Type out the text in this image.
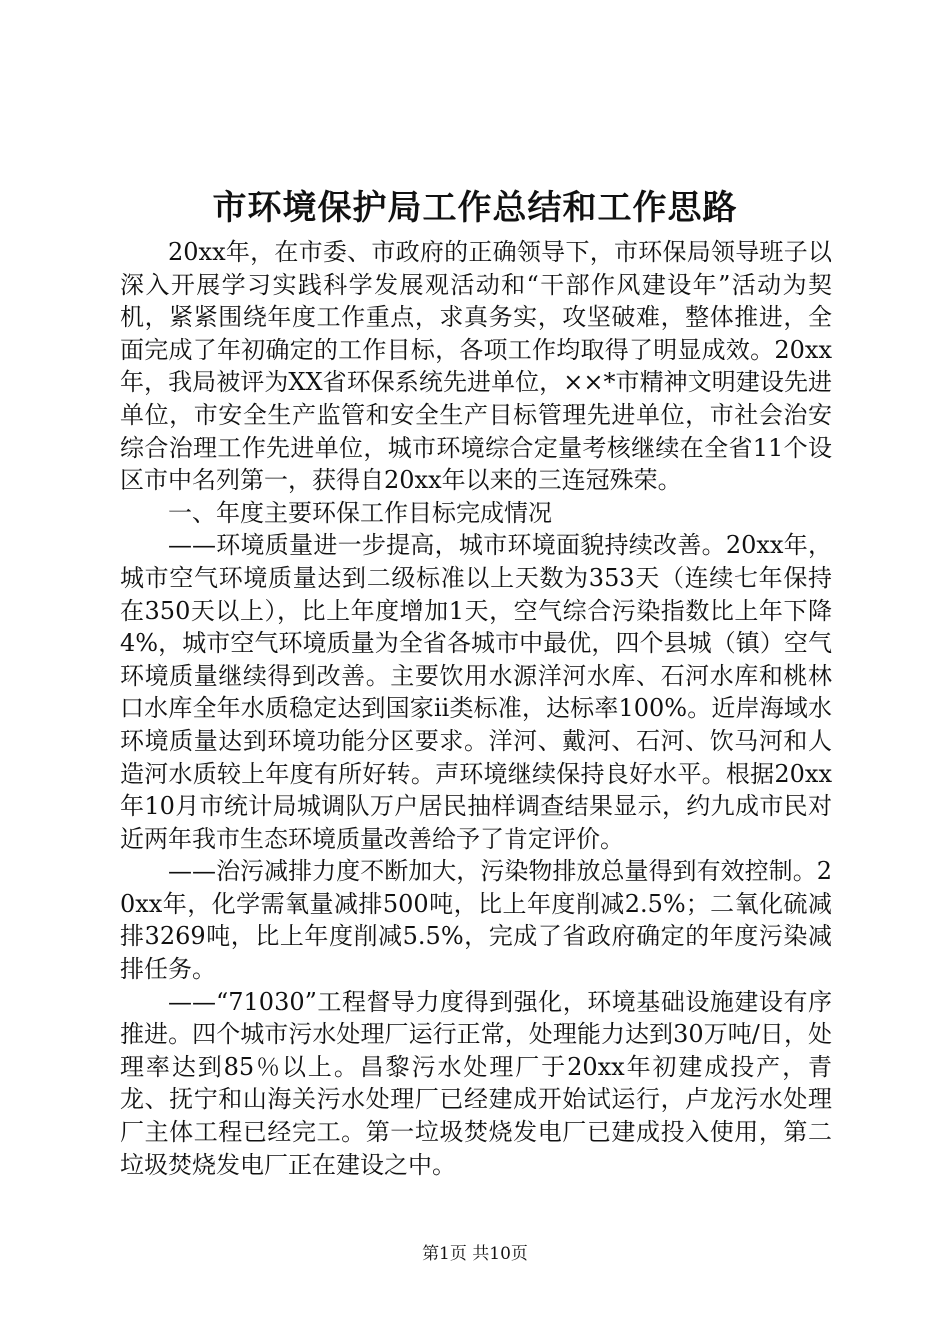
市环境保护局工作总结和工作思路

20xx年，在市委、市政府的正确领导下，市环保局领导班子以深入开展学习实践科学发展观活动和“干部作风建设年”活动为契机，紧紧围绕年度工作重点，求真务实，攻坚破难，整体推进，全面完成了年初确定的工作目标，各项工作均取得了明显成效。20xx年，我局被评为XX省环保系统先进单位，××*市精神文明建设先进单位，市安全生产监管和安全生产目标管理先进单位，市社会治安综合治理工作先进单位，城市环境综合定量考核继续在全省11个设区市中名列第一，获得自20xx年以来的三连冠殊荣。

一、年度主要环保工作目标完成情况

——环境质量进一步提高，城市环境面貌持续改善。20xx年，城市空气环境质量达到二级标准以上天数为353天（连续七年保持在350天以上），比上年度增加1天，空气综合污染指数比上年下降4%，城市空气环境质量为全省各城市中最优，四个县城（镇）空气环境质量继续得到改善。主要饮用水源洋河水库、石河水库和桃林口水库全年水质稳定达到国家ii类标准，达标率100%。近岸海域水环境质量达到环境功能分区要求。洋河、戴河、石河、饮马河和人造河水质较上年度有所好转。声环境继续保持良好水平。根据20xx年10月市统计局城调队万户居民抽样调查结果显示，约九成市民对近两年我市生态环境质量改善给予了肯定评价。

——治污减排力度不断加大，污染物排放总量得到有效控制。20xx年，化学需氧量减排500吨，比上年度削减2.5%；二氧化硫减排3269吨，比上年度削减5.5%，完成了省政府确定的年度污染减排任务。

——“71030”工程督导力度得到强化，环境基础设施建设有序推进。四个城市污水处理厂运行正常，处理能力达到30万吨/日，处理率达到85％以上。昌黎污水处理厂于20xx年初建成投产，青龙、抚宁和山海关污水处理厂已经建成开始试运行，卢龙污水处理厂主体工程已经完工。第一垃圾焚烧发电厂已建成投入使用，第二垃圾焚烧发电厂正在建设之中。

第1页 共10页
